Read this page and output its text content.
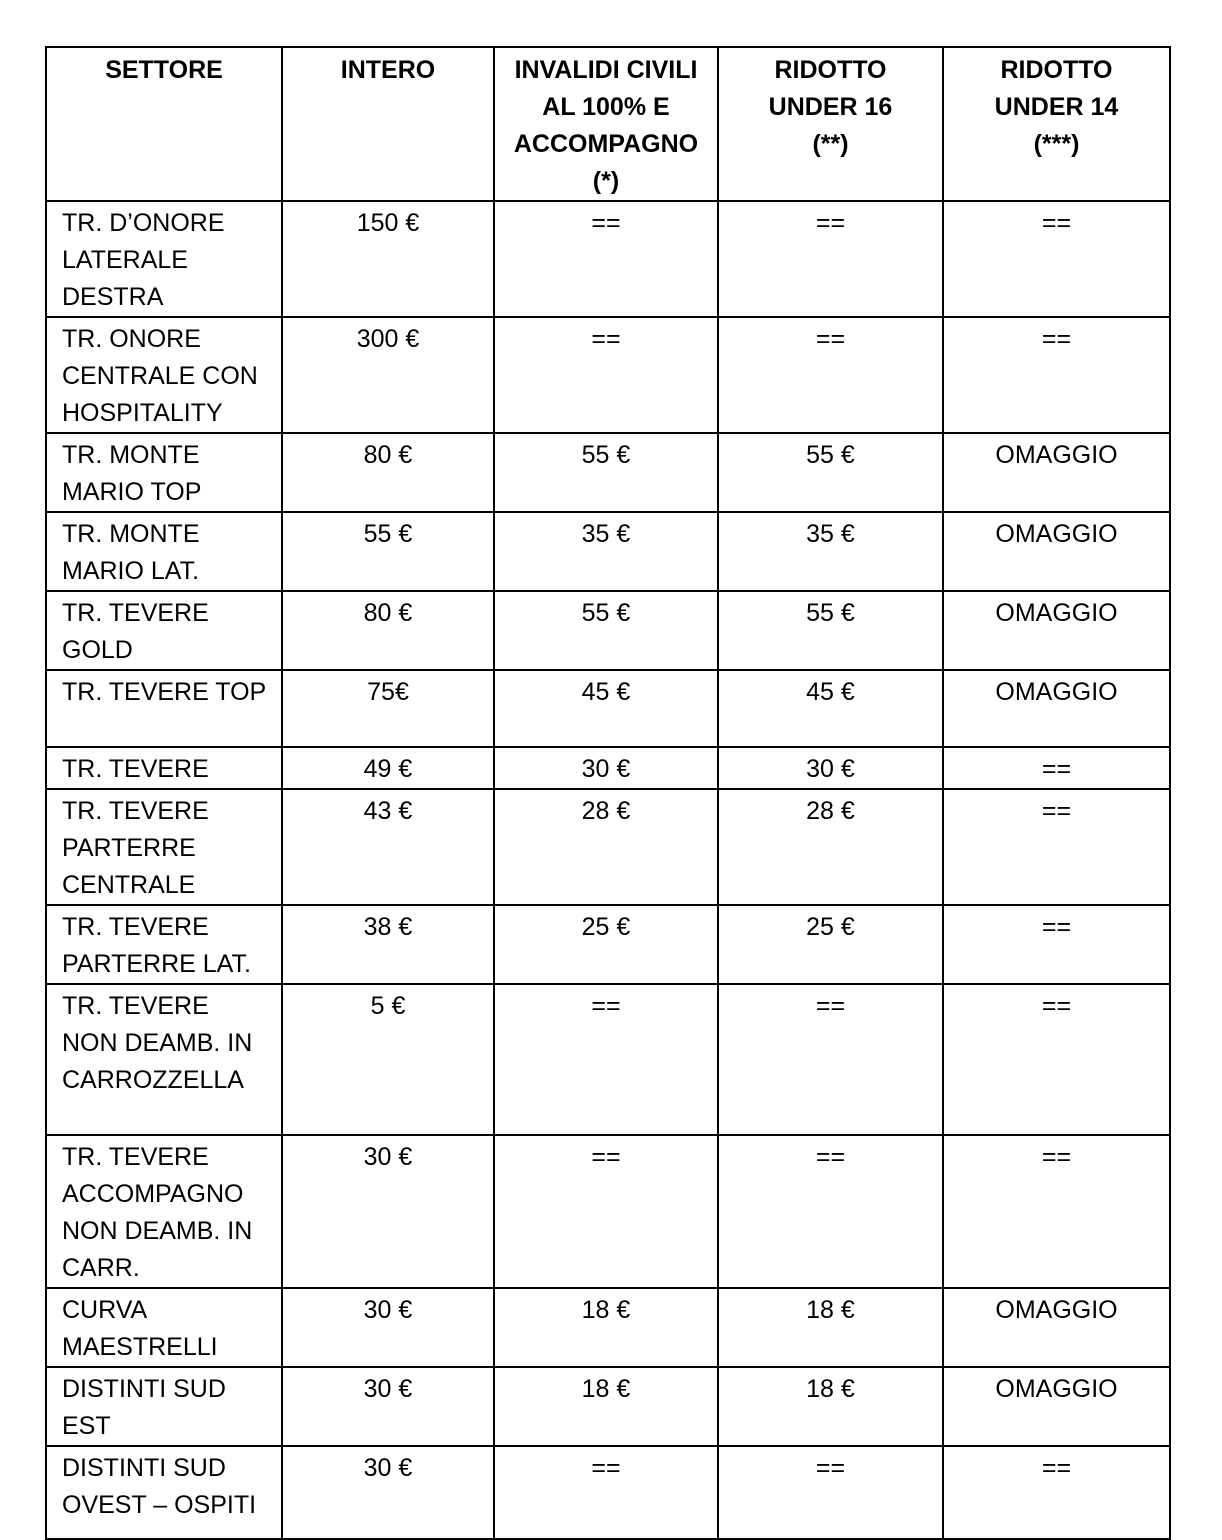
SETTORE	INTERO	INVALIDI CIVILI
AL 100% E
ACCOMPAGNO
(*)	RIDOTTO
UNDER 16
(**)	RIDOTTO
UNDER 14
(***)
TR. D’ONORE
LATERALE
DESTRA	150 €	==	==	==
TR. ONORE
CENTRALE CON
HOSPITALITY	300 €	==	==	==
TR. MONTE
MARIO TOP	80 €	55 €	55 €	OMAGGIO
TR. MONTE
MARIO LAT.	55 €	35 €	35 €	OMAGGIO
TR. TEVERE
GOLD	80 €	55 €	55 €	OMAGGIO
TR. TEVERE TOP	75€	45 €	45 €	OMAGGIO
TR. TEVERE	49 €	30 €	30 €	==
TR. TEVERE
PARTERRE
CENTRALE	43 €	28 €	28 €	==
TR. TEVERE
PARTERRE LAT.	38 €	25 €	25 €	==
TR. TEVERE
NON DEAMB. IN
CARROZZELLA	5 €	==	==	==
TR. TEVERE
ACCOMPAGNO
NON DEAMB. IN
CARR.	30 €	==	==	==
CURVA
MAESTRELLI	30 €	18 €	18 €	OMAGGIO
DISTINTI SUD
EST	30 €	18 €	18 €	OMAGGIO
DISTINTI SUD
OVEST – OSPITI	30 €	==	==	==
